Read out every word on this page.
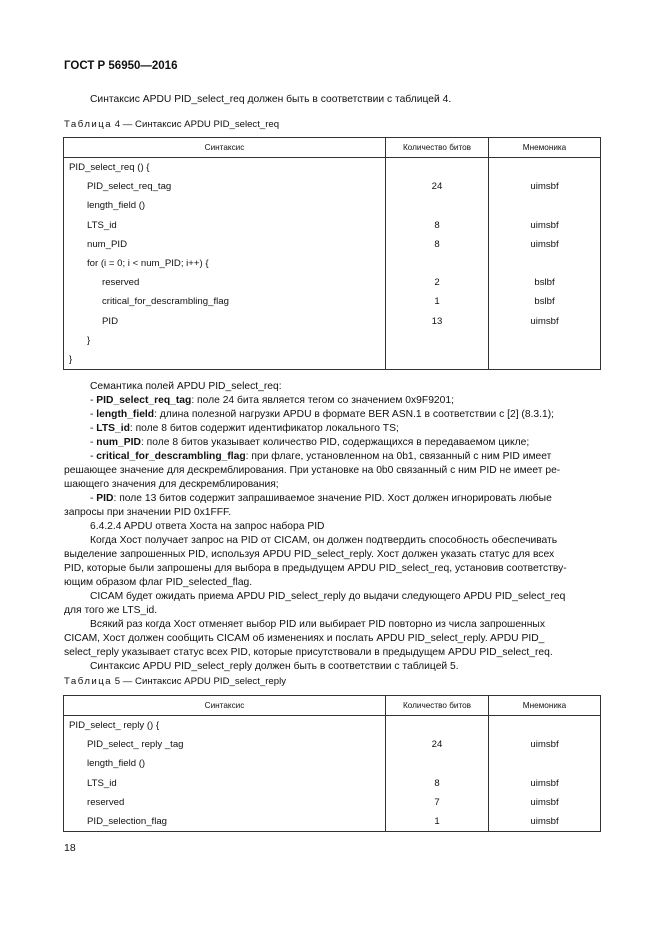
ГОСТ Р 56950—2016
Синтаксис APDU PID_select_req должен быть в соответствии с таблицей 4.
Таблица 4 — Синтаксис APDU PID_select_req
Синтаксис	Количество битов	Мнемоника
PID_select_req () {		
PID_select_req_tag	24	uimsbf
length_field ()		
LTS_id	8	uimsbf
num_PID	8	uimsbf
for (i = 0; i < num_PID; i++) {		
reserved	2	bslbf
critical_for_descrambling_flag	1	bslbf
PID	13	uimsbf
}		
}		
Семантика полей APDU PID_select_req:
- PID_select_req_tag: поле 24 бита является тегом со значением 0x9F9201;
- length_field: длина полезной нагрузки APDU в формате BER ASN.1 в соответствии с [2] (8.3.1);
- LTS_id: поле 8 битов содержит идентификатор локального TS;
- num_PID: поле 8 битов указывает количество PID, содержащихся в передаваемом цикле;
- critical_for_descrambling_flag: при флаге, установленном на 0b1, связанный с ним PID имеет
решающее значение для дескремблирования. При установке на 0b0 связанный с ним PID не имеет ре-
шающего значения для дескремблирования;
- PID: поле 13 битов содержит запрашиваемое значение PID. Хост должен игнорировать любые
запросы при значении PID 0x1FFF.
6.4.2.4 APDU ответа Хоста на запрос набора PID
Когда Хост получает запрос на PID от CICAM, он должен подтвердить способность обеспечивать
выделение запрошенных PID, используя APDU PID_select_reply. Хост должен указать статус для всех
PID, которые были запрошены для выбора в предыдущем APDU PID_select_req, установив соответству-
ющим образом флаг PID_selected_flag.
CICAM будет ожидать приема APDU PID_select_reply до выдачи следующего APDU PID_select_req
для того же LTS_id.
Всякий раз когда Хост отменяет выбор PID или выбирает PID повторно из числа запрошенных
CICAM, Хост должен сообщить CICAM об изменениях и послать APDU PID_select_reply. APDU PID_
select_reply указывает статус всех PID, которые присутствовали в предыдущем APDU PID_select_req.
Синтаксис APDU PID_select_reply должен быть в соответствии с таблицей 5.
Таблица 5 — Синтаксис APDU PID_select_reply
Синтаксис	Количество битов	Мнемоника
PID_select_ reply () {		
PID_select_ reply _tag	24	uimsbf
length_field ()		
LTS_id	8	uimsbf
reserved	7	uimsbf
PID_selection_flag	1	uimsbf
18
